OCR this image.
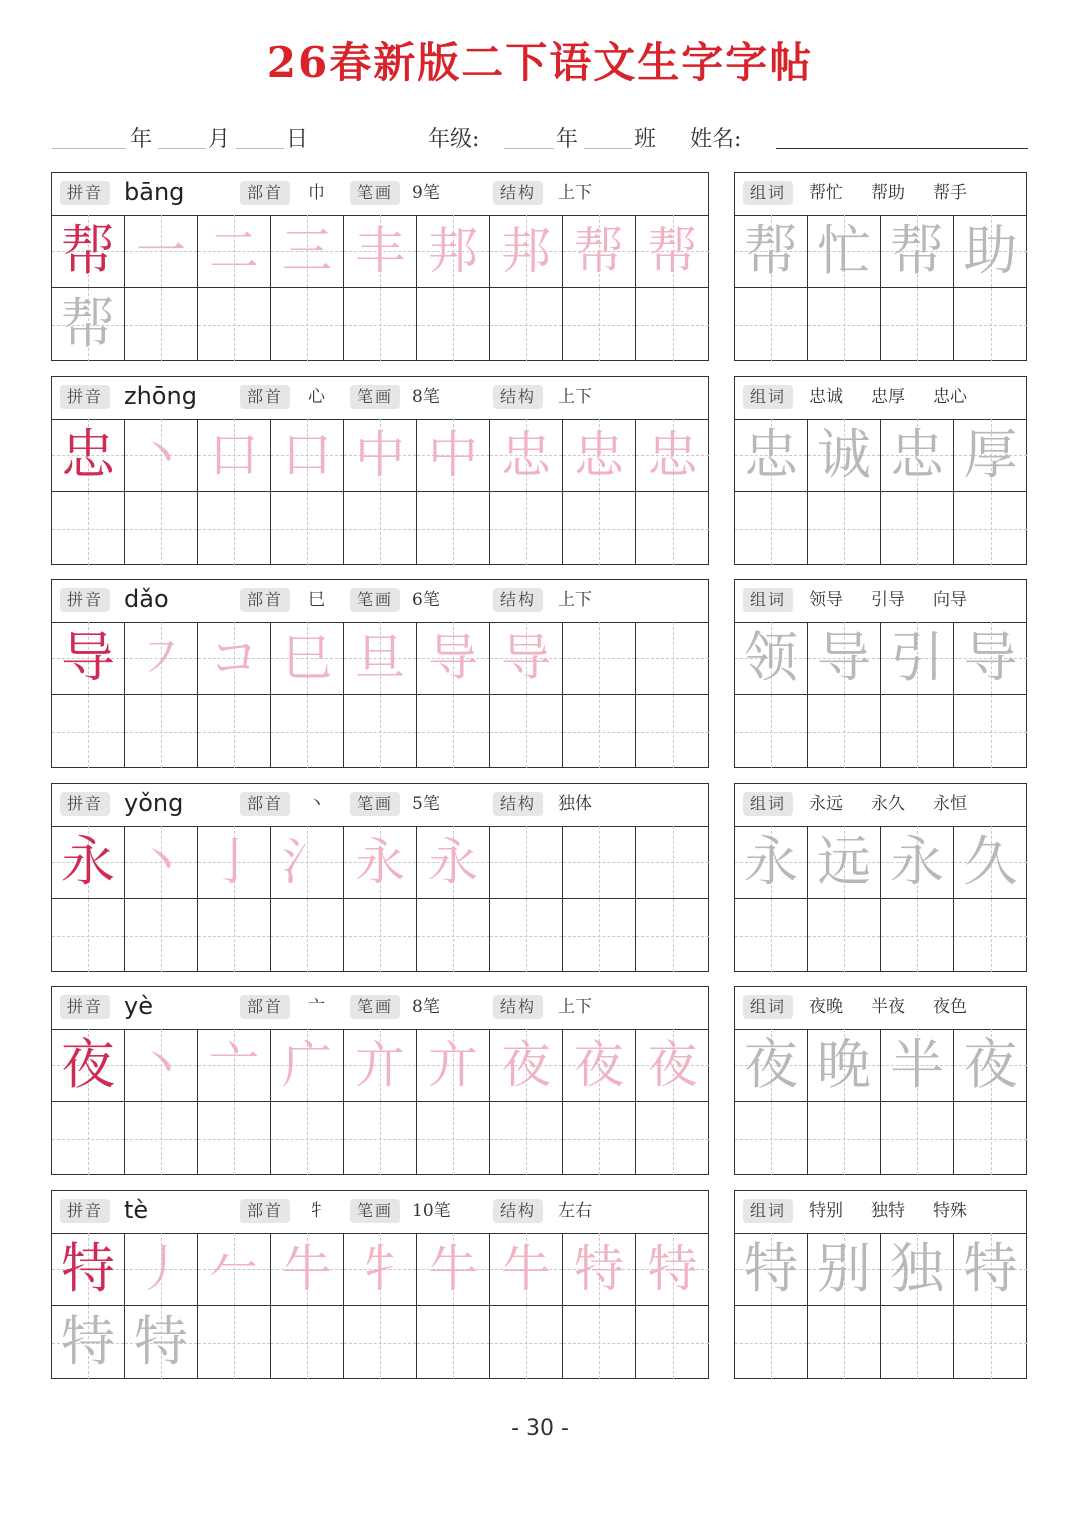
26春新版二下语文生字字帖
年	月	日	年级:	年	班 姓名:
拼音 bāng	部首	巾	笔画	9笔	结构	上下
帮 一 二 三 丰 邦 邦 帮 帮
帮
组词	帮忙 帮助 帮手
帮 忙 帮 助
拼音 zhōng	部首	心	笔画	8笔	结构	上下
忠 丶 口 口 中 中 忠 忠 忠
组词	忠诚 忠厚 忠心
忠 诚 忠 厚
拼音 dǎo	部首	巳	笔画	6笔	结构	上下
导 ㇇ コ 巳 旦 导 导
组词	领导 引导 向导
领 导 引 导
拼音 yǒng	部首	丶	笔画	5笔	结构	独体
永 丶 亅 氵 永 永
组词	永远 永久 永恒
永 远 永 久
拼音 yè	部首	亠	笔画	8笔	结构	上下
夜 丶 亠 广 亣 亣 夜 夜 夜
组词	夜晚 半夜 夜色
夜 晚 半 夜
拼音 tè	部首	牜	笔画	10笔	结构	左右
特 丿 𠂉 牛 牜 牛 牛 特 特
特 特
组词	特别 独特 特殊
特 别 独 特
- 30 -
